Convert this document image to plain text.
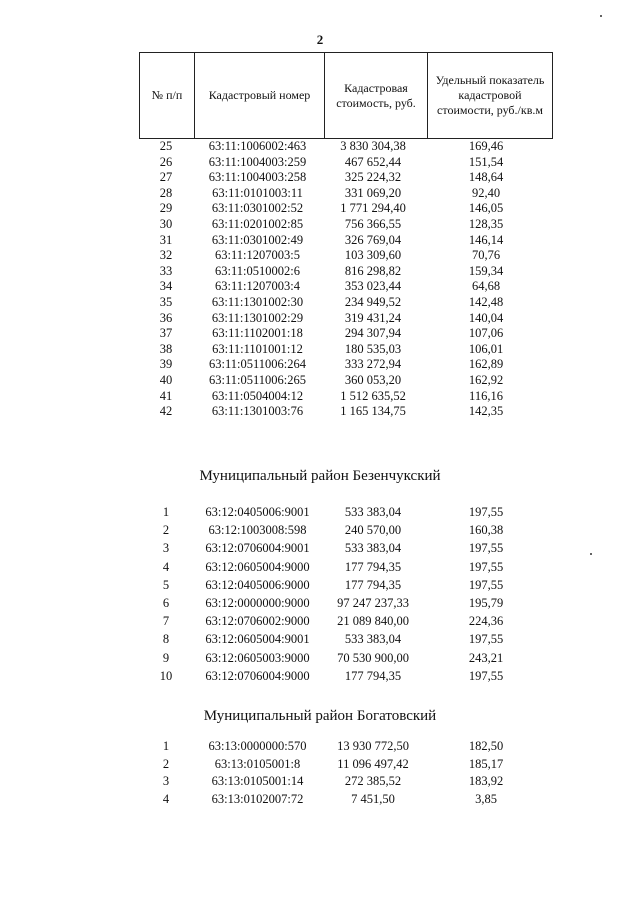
2
№ п/п	Кадастровый номер	Кадастровая стоимость, руб.	Удельный показатель кадастровой стоимости, руб./кв.м
25	63:11:1006002:463	3 830 304,38	169,46
26	63:11:1004003:259	467 652,44	151,54
27	63:11:1004003:258	325 224,32	148,64
28	63:11:0101003:11	331 069,20	92,40
29	63:11:0301002:52	1 771 294,40	146,05
30	63:11:0201002:85	756 366,55	128,35
31	63:11:0301002:49	326 769,04	146,14
32	63:11:1207003:5	103 309,60	70,76
33	63:11:0510002:6	816 298,82	159,34
34	63:11:1207003:4	353 023,44	64,68
35	63:11:1301002:30	234 949,52	142,48
36	63:11:1301002:29	319 431,24	140,04
37	63:11:1102001:18	294 307,94	107,06
38	63:11:1101001:12	180 535,03	106,01
39	63:11:0511006:264	333 272,94	162,89
40	63:11:0511006:265	360 053,20	162,92
41	63:11:0504004:12	1 512 635,52	116,16
42	63:11:1301003:76	1 165 134,75	142,35
Муниципальный район Безенчукский
1	63:12:0405006:9001	533 383,04	197,55
2	63:12:1003008:598	240 570,00	160,38
3	63:12:0706004:9001	533 383,04	197,55
4	63:12:0605004:9000	177 794,35	197,55
5	63:12:0405006:9000	177 794,35	197,55
6	63:12:0000000:9000	97 247 237,33	195,79
7	63:12:0706002:9000	21 089 840,00	224,36
8	63:12:0605004:9001	533 383,04	197,55
9	63:12:0605003:9000	70 530 900,00	243,21
10	63:12:0706004:9000	177 794,35	197,55
Муниципальный район Богатовский
1	63:13:0000000:570	13 930 772,50	182,50
2	63:13:0105001:8	11 096 497,42	185,17
3	63:13:0105001:14	272 385,52	183,92
4	63:13:0102007:72	7 451,50	3,85
